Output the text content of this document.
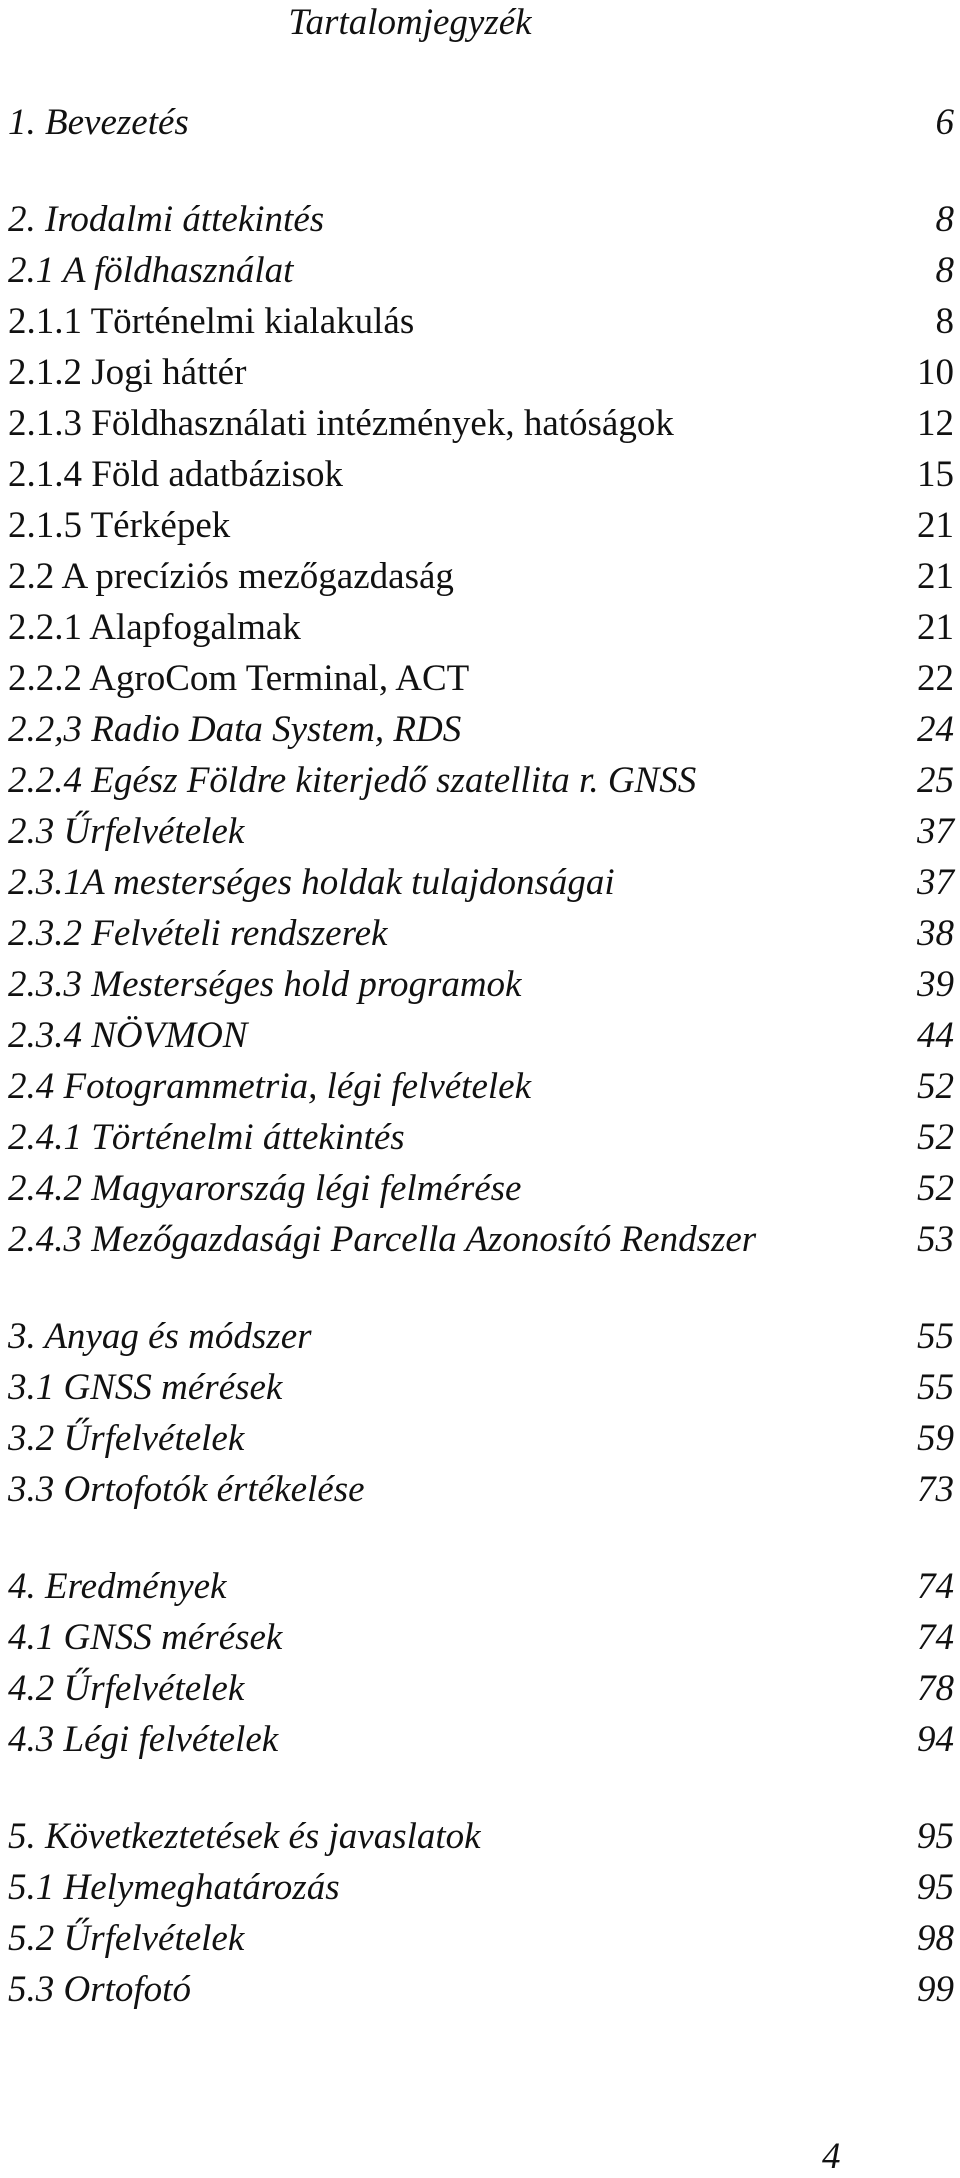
Tartalomjegyzék
1. Bevezetés	6
2. Irodalmi áttekintés	8
2.1 A földhasználat	8
2.1.1 Történelmi kialakulás	8
2.1.2 Jogi háttér	10
2.1.3 Földhasználati intézmények, hatóságok	12
2.1.4 Föld adatbázisok	15
2.1.5 Térképek	21
2.2 A precíziós mezőgazdaság	21
2.2.1 Alapfogalmak	21
2.2.2 AgroCom Terminal, ACT	22
2.2,3 Radio Data System, RDS	24
2.2.4 Egész Földre kiterjedő szatellita r. GNSS	25
2.3 Űrfelvételek	37
2.3.1A mesterséges holdak tulajdonságai	37
2.3.2 Felvételi rendszerek	38
2.3.3 Mesterséges hold programok	39
2.3.4 NÖVMON	44
2.4 Fotogrammetria, légi felvételek	52
2.4.1 Történelmi áttekintés	52
2.4.2 Magyarország légi felmérése	52
2.4.3 Mezőgazdasági Parcella Azonosító Rendszer	53
3. Anyag és módszer	55
3.1 GNSS mérések	55
3.2 Űrfelvételek	59
3.3 Ortofotók értékelése	73
4. Eredmények	74
4.1 GNSS mérések	74
4.2 Űrfelvételek	78
4.3 Légi felvételek	94
5. Következtetések és javaslatok	95
5.1 Helymeghatározás	95
5.2 Űrfelvételek	98
5.3 Ortofotó	99
4
